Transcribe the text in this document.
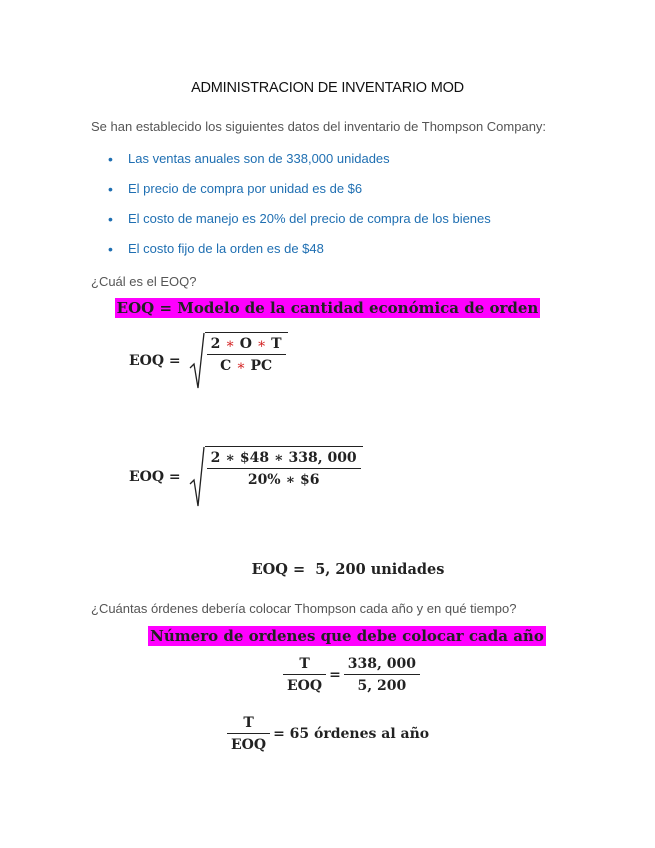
ADMINISTRACION DE INVENTARIO MOD
Se han establecido los siguientes datos del inventario de Thompson Company:
• Las ventas anuales son de 338,000 unidades
• El precio de compra por unidad es de $6
• El costo de manejo es 20% del precio de compra de los bienes
• El costo fijo de la orden es de $48
¿Cuál es el EOQ?
EOQ = Modelo de la cantidad económica de orden
EOQ = $\frac{2 ∗ O ∗ T}{C ∗ PC}$
EOQ = $\frac{2 ∗ \$48 ∗ 338, 000}{20\% ∗ \$6}$
EOQ =  5, 200 unidades
¿Cuántas órdenes debería colocar Thompson cada año y en qué tiempo?
Número de ordenes que debe colocar cada año
$\frac{T}{\text{EOQ}} = \frac{338, 000}{5, 200}$
$\frac{T}{\text{EOQ}} = 65$ órdenes al año
